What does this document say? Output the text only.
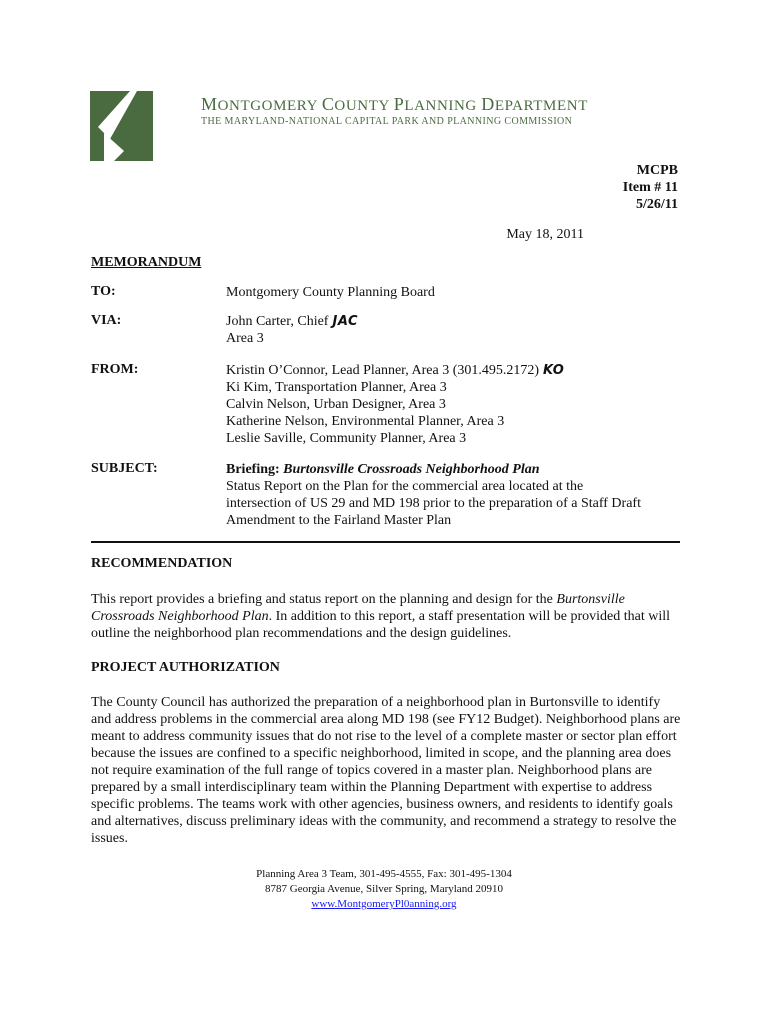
MONTGOMERY COUNTY PLANNING DEPARTMENT
THE MARYLAND-NATIONAL CAPITAL PARK AND PLANNING COMMISSION
MCPB
Item # 11
5/26/11
May 18, 2011
MEMORANDUM
TO:	Montgomery County Planning Board
VIA:	John Carter, Chief JAC
Area 3
FROM:	Kristin O’Connor, Lead Planner, Area 3 (301.495.2172) KO
Ki Kim, Transportation Planner, Area 3
Calvin Nelson, Urban Designer, Area 3
Katherine Nelson, Environmental Planner, Area 3
Leslie Saville, Community Planner, Area 3
SUBJECT:	Briefing: Burtonsville Crossroads Neighborhood Plan
Status Report on the Plan for the commercial area located at the
intersection of US 29 and MD 198 prior to the preparation of a Staff Draft
Amendment to the Fairland Master Plan
RECOMMENDATION
This report provides a briefing and status report on the planning and design for the Burtonsville Crossroads Neighborhood Plan. In addition to this report, a staff presentation will be provided that will outline the neighborhood plan recommendations and the design guidelines.
PROJECT AUTHORIZATION
The County Council has authorized the preparation of a neighborhood plan in Burtonsville to identify and address problems in the commercial area along MD 198 (see FY12 Budget). Neighborhood plans are meant to address community issues that do not rise to the level of a complete master or sector plan effort because the issues are confined to a specific neighborhood, limited in scope, and the planning area does not require examination of the full range of topics covered in a master plan. Neighborhood plans are prepared by a small interdisciplinary team within the Planning Department with expertise to address specific problems. The teams work with other agencies, business owners, and residents to identify goals and alternatives, discuss preliminary ideas with the community, and recommend a strategy to resolve the issues.
Planning Area 3 Team, 301-495-4555, Fax: 301-495-1304
8787 Georgia Avenue, Silver Spring, Maryland 20910
www.MontgomeryPl0anning.org
